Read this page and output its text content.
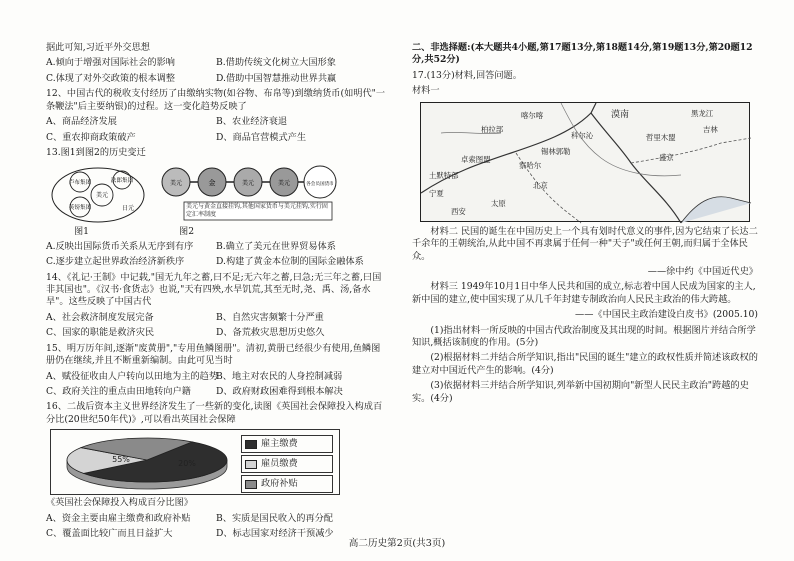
据此可知,习近平外交思想
A.倾向于增强对国际社会的影响	B.借助传统文化树立大国形象
C.体现了对外交政策的根本调整	D.借助中国智慧推动世界共赢
12、中国古代的税收支付经历了由缴纳实物(如谷物、布帛等)到缴纳货币(如明代"一条鞭法"后主要纳银)的过程。这一变化趋势反映了
A、商品经济发展	B、农业经济衰退
C、重农抑商政策破产	D、商品官营模式产生
13.图1到图2的历史变迁
卢布集团
美元
英镑集团
法郎集团
日元
美元	金	美元	美元	各会员国货币
美元与黄金直接挂钩,其他国家货币与美元挂钩,实行固定汇率制度
图1	图2
A.反映出国际货币关系从无序到有序	B.确立了美元在世界贸易体系
C.逐步建立起世界政治经济新秩序	D.构建了黄金本位制的国际金融体系
14、《礼记·王制》中记载,"国无九年之蓄,曰不足;无六年之蓄,曰急;无三年之蓄,曰国非其国也"。《汉书·食货志》也说,"天有四殃,水旱饥荒,其至无时,尧、禹、汤,备水旱"。这些反映了中国古代
A、社会救济制度发展完备	B、自然灾害频繁十分严重
C、国家的职能是救济灾民	D、备荒救灾思想历史悠久
15、明万历年间,逐渐"废黄册","专用鱼鳞图册"。清初,黄册已经很少有使用,鱼鳞图册仍在继续,并且不断重新编制。由此可见当时
A、赋役征收由人户转向以田地为主的趋势
B、地主对农民的人身控制减弱
C、政府关注的重点由田地转向户籍	D、政府财政困难得到根本解决
16、二战后资本主义世界经济发生了一些新的变化,读图《英国社会保障投入构成百分比(20世纪50年代)》,可以看出英国社会保障
55%	20%
雇主缴费
雇员缴费
政府补贴
《英国社会保障投入构成百分比图》
A、资金主要由雇主缴费和政府补贴	B、实质是国民收入的再分配
C、覆盖面比较广而且日益扩大	D、标志国家对经济干预减少
二、非选择题:(本大题共4小题,第17题13分,第18题14分,第19题13分,第20题12分,共52分)
17.(13分)材料,回答问题。
材料一
漠南
柏拉部
卓索图盟
土默特部
科尔沁	哲里木盟
北京
盛京
太原
西安
宁夏
喀尔喀
察哈尔
锡林郭勒
吉林
黑龙江
材料二 民国的诞生在中国历史上一个具有划时代意义的事件,因为它结束了长达二千余年的王朝统治,从此中国不再隶属于任何一种"天子"或任何王朝,而归属于全体民众。
——徐中约《中国近代史》
材料三 1949年10月1日中华人民共和国的成立,标志着中国人民成为国家的主人,新中国的建立,使中国实现了从几千年封建专制政治向人民民主政治的伟大跨越。
——《中国民主政治建设白皮书》(2005.10)
(1)指出材料一所反映的中国古代政治制度及其出现的时间。根据图片并结合所学知识,概括该制度的作用。(5分)
(2)根据材料二并结合所学知识,指出"民国的诞生"建立的政权性质并简述该政权的建立对中国近代产生的影响。(4分)
(3)依据材料三并结合所学知识,列举新中国初期向"新型人民民主政治"跨越的史实。(4分)
高二历史第2页(共3页)
